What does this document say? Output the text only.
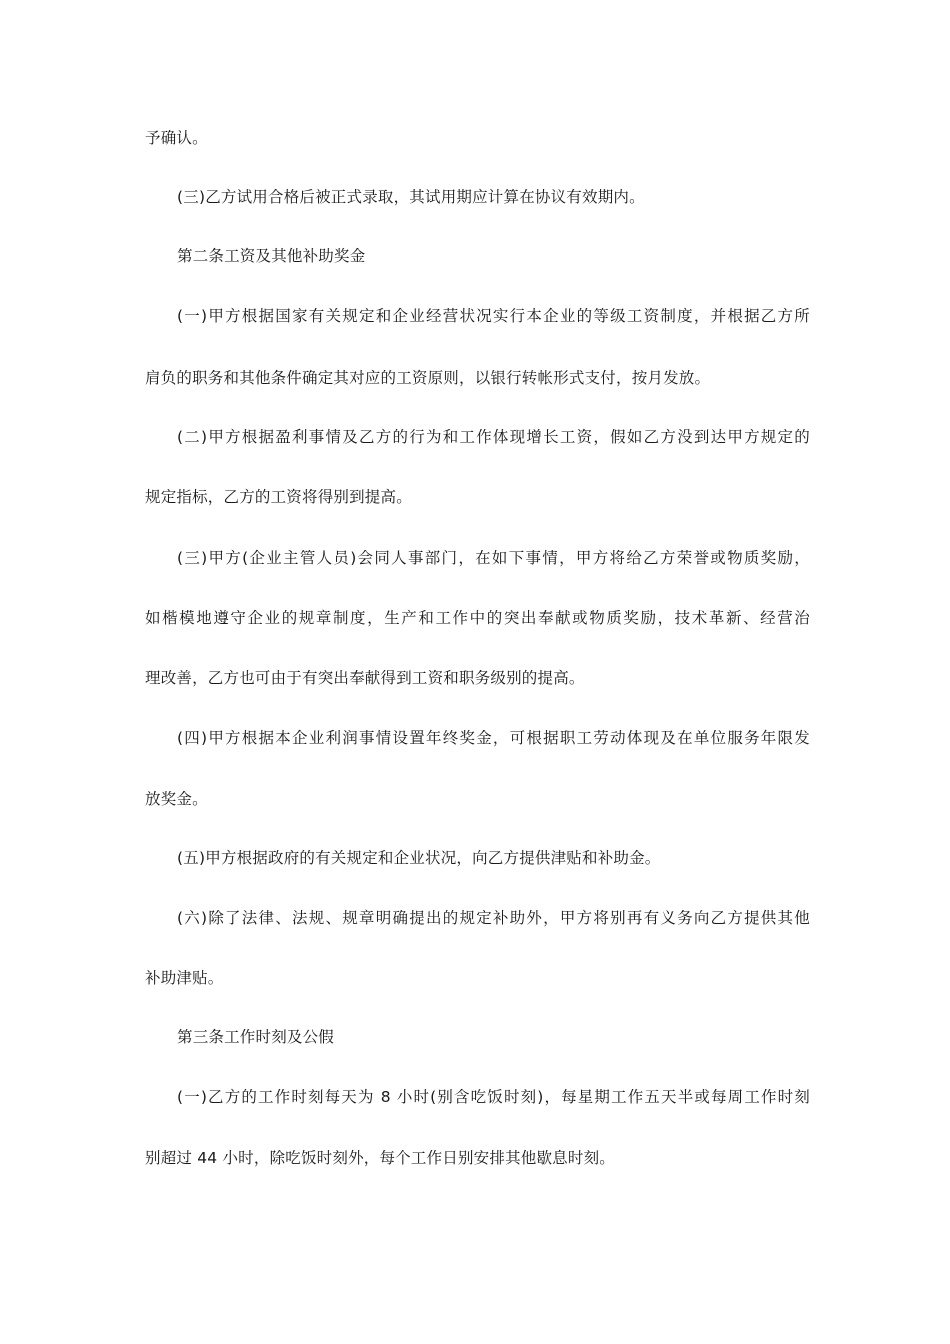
予确认。
(三)乙方试用合格后被正式录取，其试用期应计算在协议有效期内。
第二条工资及其他补助奖金
(一)甲方根据国家有关规定和企业经营状况实行本企业的等级工资制度，并根据乙方所
肩负的职务和其他条件确定其对应的工资原则，以银行转帐形式支付，按月发放。
(二)甲方根据盈利事情及乙方的行为和工作体现增长工资，假如乙方没到达甲方规定的
规定指标，乙方的工资将得别到提高。
(三)甲方(企业主管人员)会同人事部门，在如下事情，甲方将给乙方荣誉或物质奖励，
如楷模地遵守企业的规章制度，生产和工作中的突出奉献或物质奖励，技术革新、经营治
理改善，乙方也可由于有突出奉献得到工资和职务级别的提高。
(四)甲方根据本企业利润事情设置年终奖金，可根据职工劳动体现及在单位服务年限发
放奖金。
(五)甲方根据政府的有关规定和企业状况，向乙方提供津贴和补助金。
(六)除了法律、法规、规章明确提出的规定补助外，甲方将别再有义务向乙方提供其他
补助津贴。
第三条工作时刻及公假
(一)乙方的工作时刻每天为 8 小时(别含吃饭时刻)，每星期工作五天半或每周工作时刻
别超过 44 小时，除吃饭时刻外，每个工作日别安排其他歇息时刻。
